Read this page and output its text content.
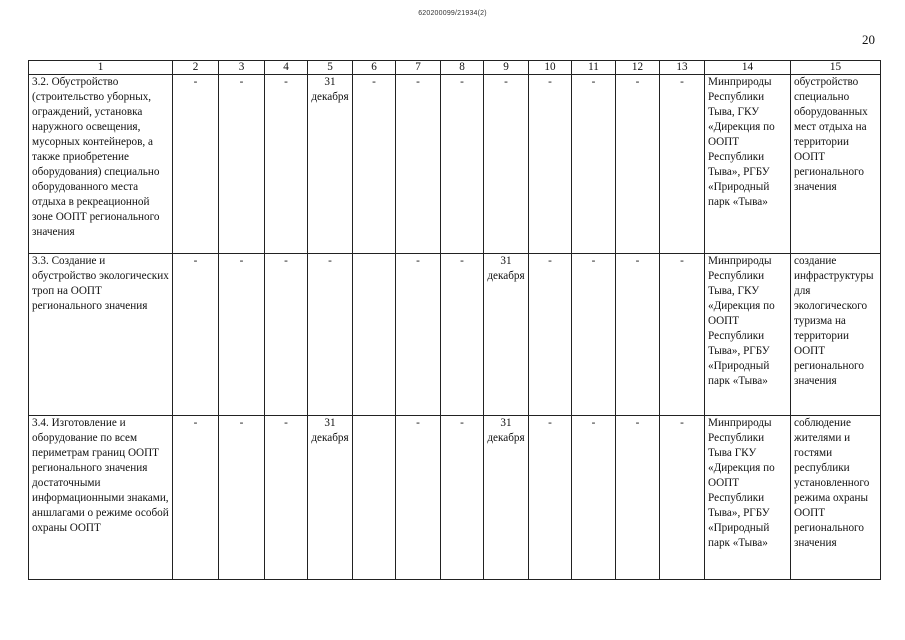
620200099/21934(2)
20
1	2	3	4	5	6	7	8	9	10	11	12	13	14	15
3.2. Обустройство (строительство уборных, ограждений, установка наружного освещения, мусорных контейнеров, а также приобретение оборудования) специально оборудованного места отдыха в рекреационной зоне ООПТ регионального значения	-	-	-	31 декабря	-	-	-	-	-	-	-	-	Минприроды Республики Тыва, ГКУ «Дирекция по ООПТ Республики Тыва», РГБУ «Природный парк «Тыва»	обустройство специально оборудованных мест отдыха на территории ООПТ регионального значения
3.3. Создание и обустройство экологических троп на ООПТ регионального значения	-	-	-	-		-	-	31 декабря	-	-	-	-	Минприроды Республики Тыва, ГКУ «Дирекция по ООПТ Республики Тыва», РГБУ «Природный парк «Тыва»	создание инфраструктуры для экологического туризма на территории ООПТ регионального значения
3.4. Изготовление и оборудование по всем периметрам границ ООПТ регионального значения достаточными информационными знаками, аншлагами о режиме особой охраны ООПТ	-	-	-	31 декабря		-	-	31 декабря	-	-	-	-	Минприроды Республики Тыва ГКУ «Дирекция по ООПТ Республики Тыва», РГБУ «Природный парк «Тыва»	соблюдение жителями и гостями республики установленного режима охраны ООПТ регионального значения
